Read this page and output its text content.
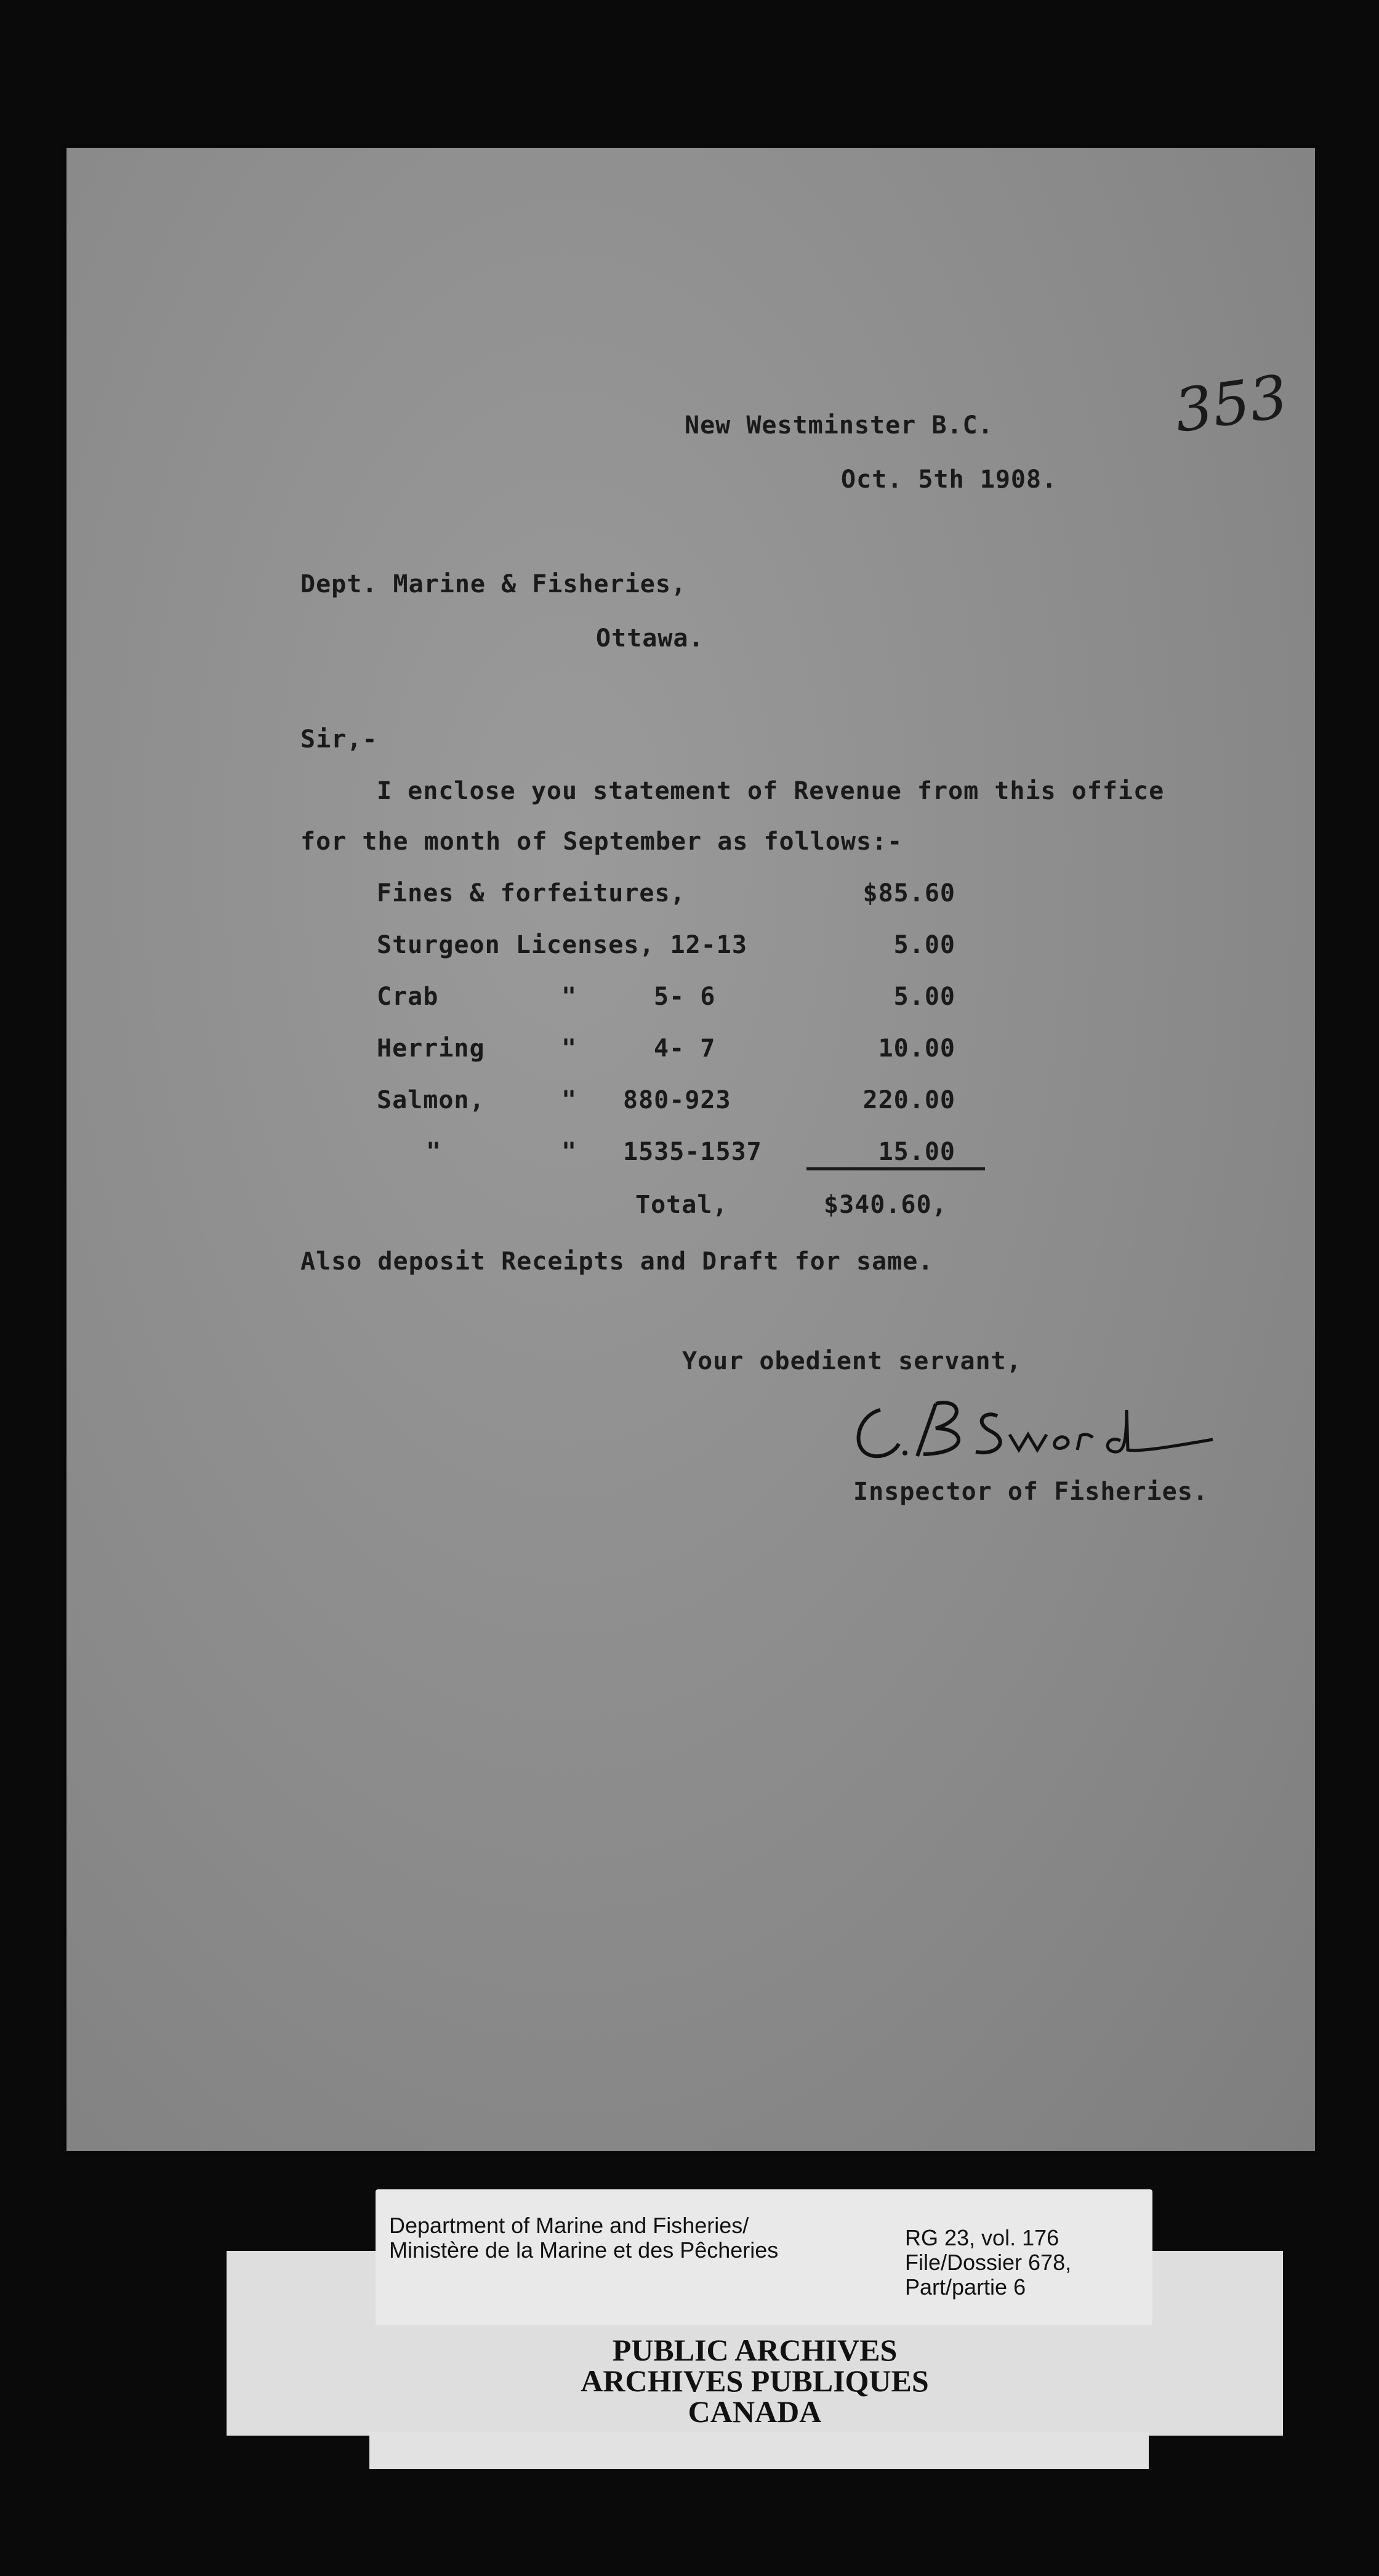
353
New Westminster B.C.
Oct. 5th 1908.
Dept. Marine & Fisheries,
Ottawa.
Sir,-
I enclose you statement of Revenue from this office
for the month of September as follows:-
Fines & forfeitures,	$85.60
Sturgeon Licenses, 12-13	5.00
Crab	"	5- 6	5.00
Herring	"	4- 7	10.00
Salmon,	" 880-923	220.00
"	" 1535-1537	15.00
Total,	$340.60,
Also deposit Receipts and Draft for same.
Your obedient servant,
Inspector of Fisheries.
Department of Marine and Fisheries/
Ministère de la Marine et des Pêcheries	RG 23, vol. 176
File/Dossier 678,
Part/partie 6
PUBLIC ARCHIVES
ARCHIVES PUBLIQUES
CANADA
